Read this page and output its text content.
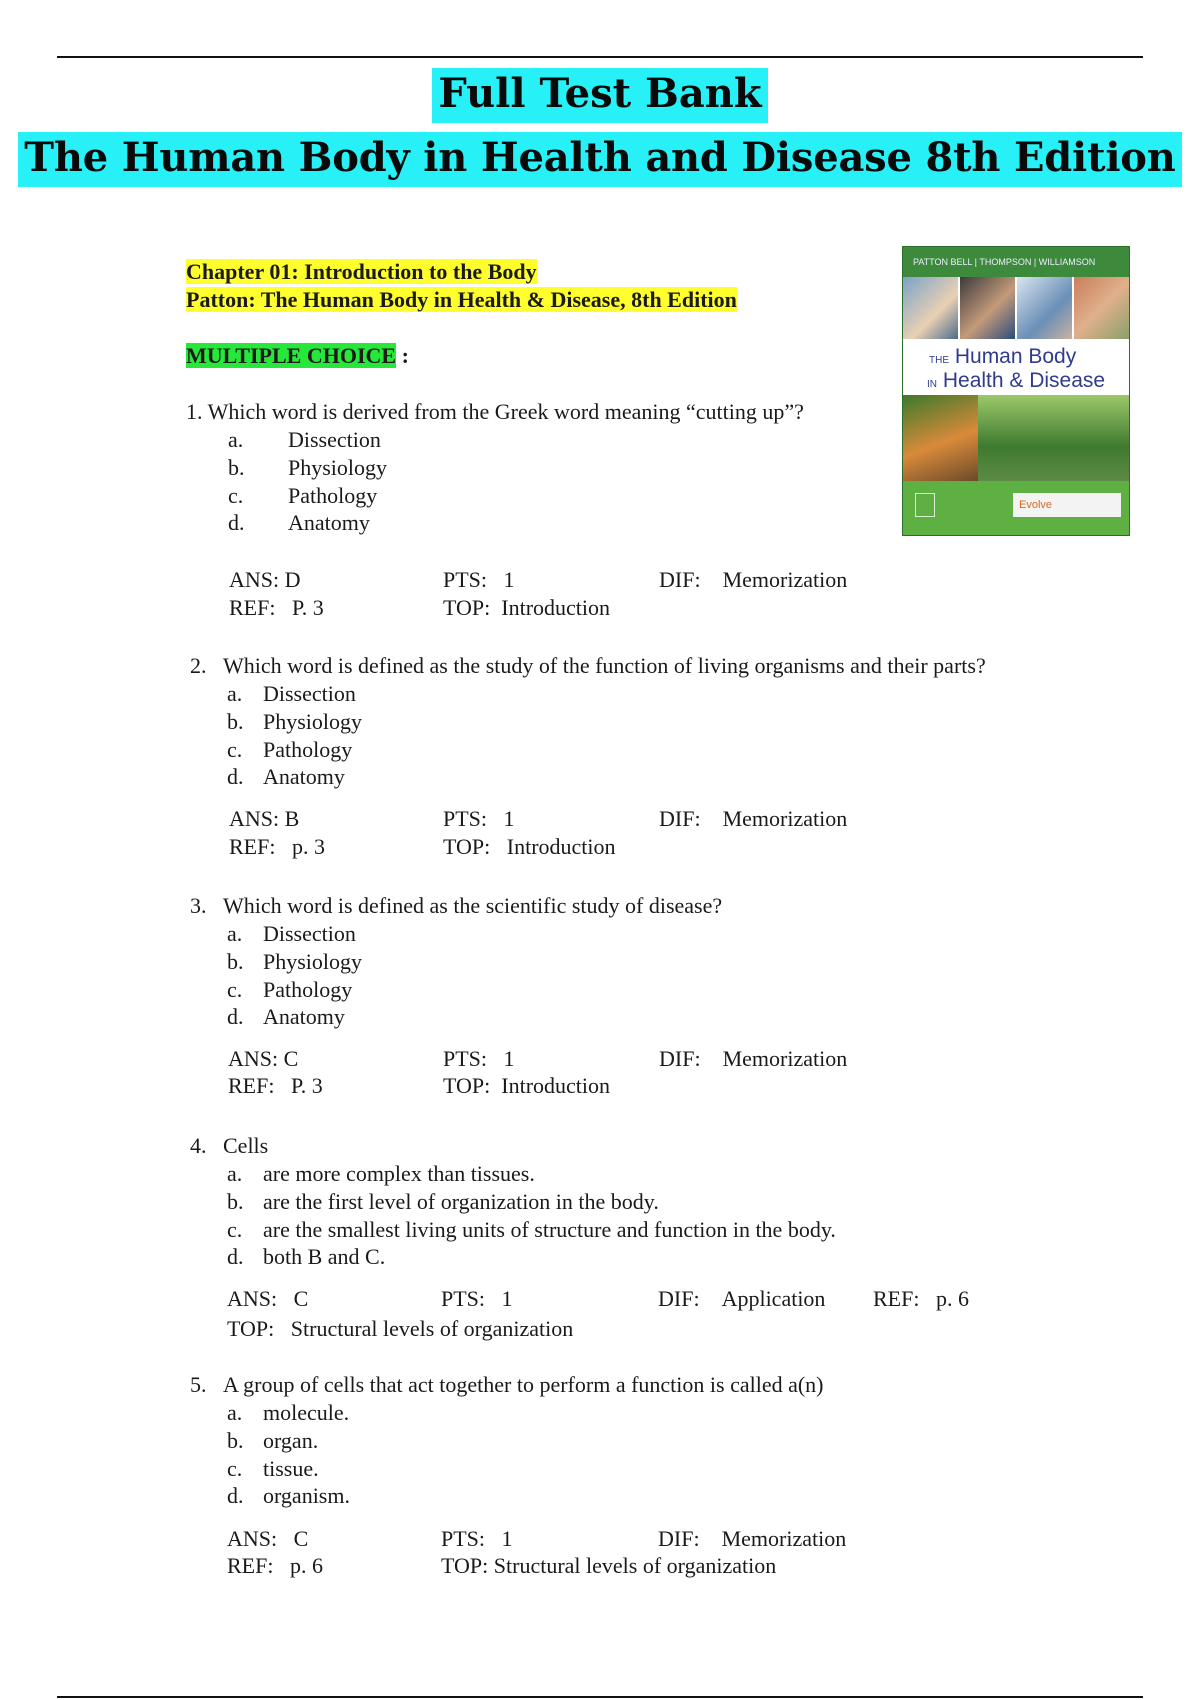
Full Test Bank
The Human Body in Health and Disease 8th Edition
Chapter 01: Introduction to the Body
Patton: The Human Body in Health & Disease, 8th Edition
MULTIPLE CHOICE :
PATTON BELL | THOMPSON | WILLIAMSON
THE Human Body
IN Health & Disease
Evolve
1. Which word is derived from the Greek word meaning “cutting up”?
a. Dissection
b. Physiology
c. Pathology
d. Anatomy
ANS: D	PTS: 1	DIF: Memorization
REF: P. 3	TOP: Introduction
2. Which word is defined as the study of the function of living organisms and their parts?
a. Dissection
b. Physiology
c. Pathology
d. Anatomy
ANS: B	PTS: 1	DIF: Memorization
REF: p. 3	TOP: Introduction
3. Which word is defined as the scientific study of disease?
a. Dissection
b. Physiology
c. Pathology
d. Anatomy
ANS: C	PTS: 1	DIF: Memorization
REF: P. 3	TOP: Introduction
4. Cells
a. are more complex than tissues.
b. are the first level of organization in the body.
c. are the smallest living units of structure and function in the body.
d. both B and C.
ANS: C	PTS: 1	DIF: Application REF: p. 6
TOP: Structural levels of organization
5. A group of cells that act together to perform a function is called a(n)
a. molecule.
b. organ.
c. tissue.
d. organism.
ANS: C	PTS: 1	DIF: Memorization
REF: p. 6	TOP: Structural levels of organization
